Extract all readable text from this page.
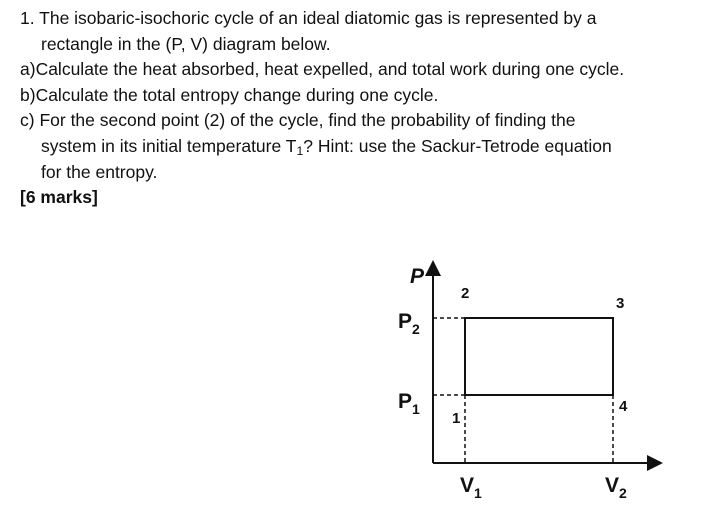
1. The isobaric-isochoric cycle of an ideal diatomic gas is represented by a
rectangle in the (P, V) diagram below.
a)Calculate the heat absorbed, heat expelled, and total work during one cycle.
b)Calculate the total entropy change during one cycle.
c) For the second point (2) of the cycle, find the probability of finding the
system in its initial temperature $T_1$? Hint: use the Sackur-Tetrode equation
for the entropy.
[6 marks]
P
$P_2$
$P_1$
$V_1$	$V_2$
2
3
4
1
